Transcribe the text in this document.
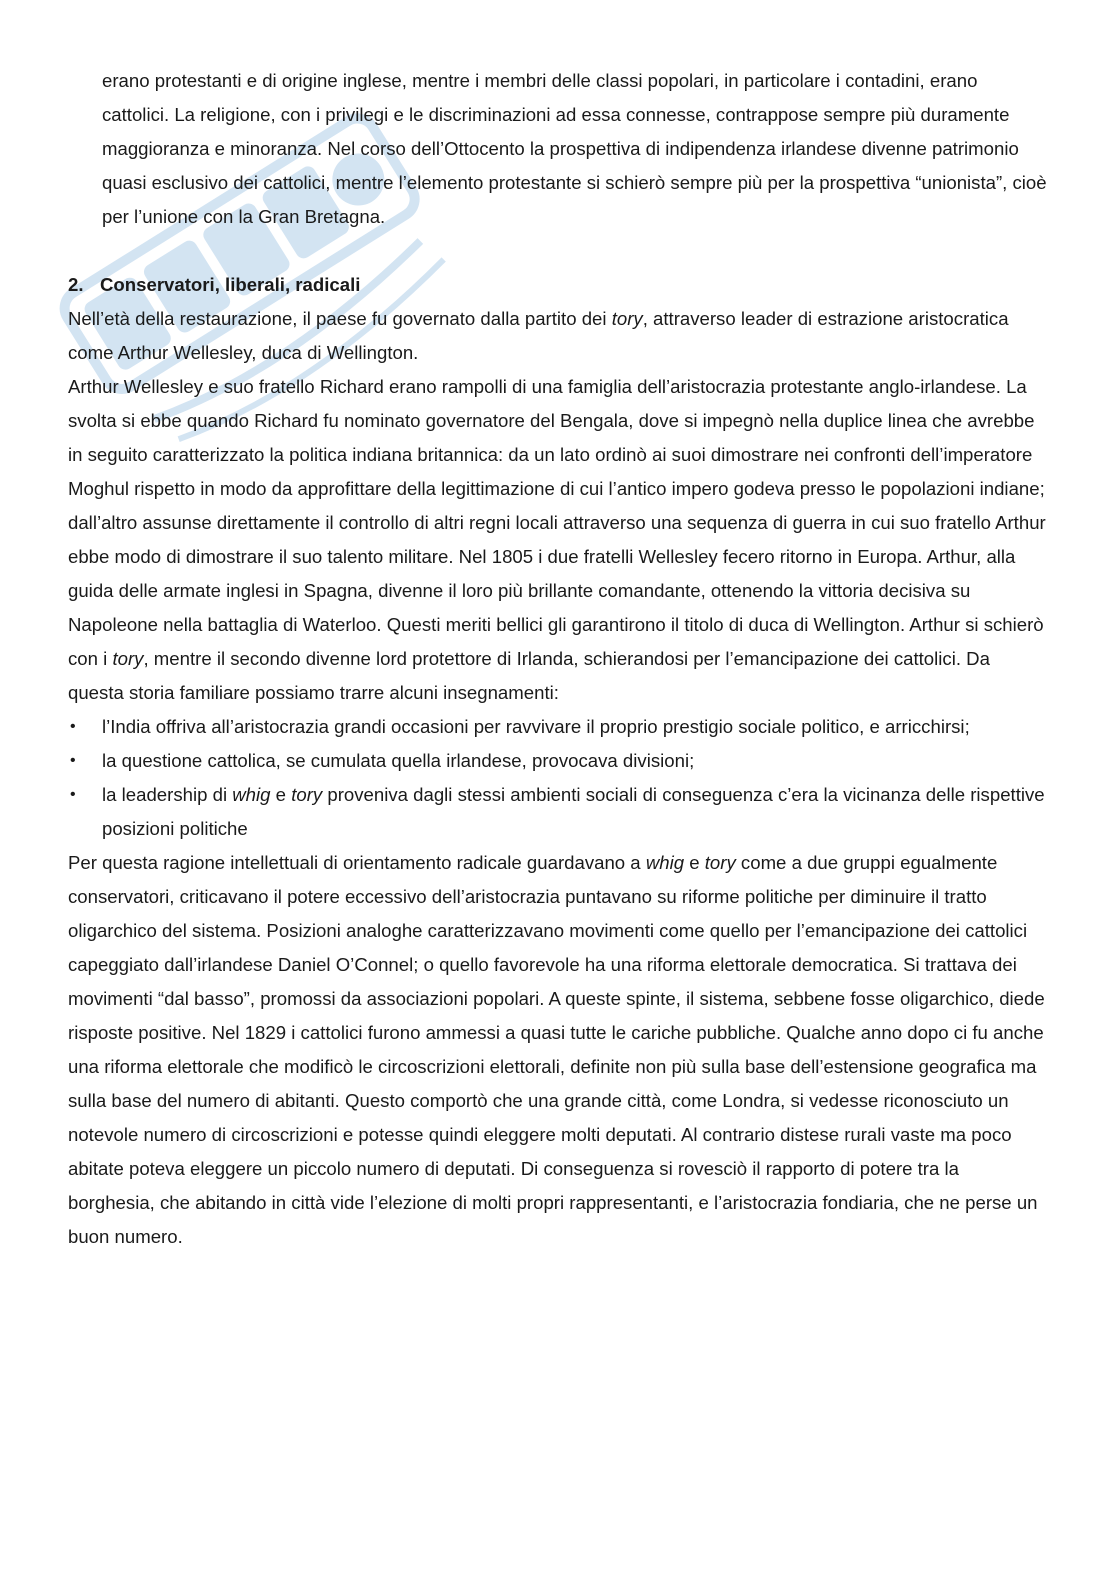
erano protestanti e di origine inglese, mentre i membri delle classi popolari, in particolare i contadini, erano cattolici. La religione, con i privilegi e le discriminazioni ad essa connesse, contrappose sempre più duramente maggioranza e minoranza. Nel corso dell’Ottocento la prospettiva di indipendenza irlandese divenne patrimonio quasi esclusivo dei cattolici, mentre l’elemento protestante si schierò sempre più per la prospettiva “unionista”, cioè per l’unione con la Gran Bretagna.

2. Conservatori, liberali, radicali

Nell’età della restaurazione, il paese fu governato dalla partito dei tory, attraverso leader di estrazione aristocratica come Arthur Wellesley, duca di Wellington.

Arthur Wellesley e suo fratello Richard erano rampolli di una famiglia dell’aristocrazia protestante anglo-irlandese. La svolta si ebbe quando Richard fu nominato governatore del Bengala, dove si impegnò nella duplice linea che avrebbe in seguito caratterizzato la politica indiana britannica: da un lato ordinò ai suoi dimostrare nei confronti dell’imperatore Moghul rispetto in modo da approfittare della legittimazione di cui l’antico impero godeva presso le popolazioni indiane; dall’altro assunse direttamente il controllo di altri regni locali attraverso una sequenza di guerra in cui suo fratello Arthur ebbe modo di dimostrare il suo talento militare. Nel 1805 i due fratelli Wellesley fecero ritorno in Europa. Arthur, alla guida delle armate inglesi in Spagna, divenne il loro più brillante comandante, ottenendo la vittoria decisiva su Napoleone nella battaglia di Waterloo. Questi meriti bellici gli garantirono il titolo di duca di Wellington. Arthur si schierò con i tory, mentre il secondo divenne lord protettore di Irlanda, schierandosi per l’emancipazione dei cattolici. Da questa storia familiare possiamo trarre alcuni insegnamenti:

• l’India offriva all’aristocrazia grandi occasioni per ravvivare il proprio prestigio sociale politico, e arricchirsi;
• la questione cattolica, se cumulata quella irlandese, provocava divisioni;
• la leadership di whig e tory proveniva dagli stessi ambienti sociali di conseguenza c’era la vicinanza delle rispettive posizioni politiche

Per questa ragione intellettuali di orientamento radicale guardavano a whig e tory come a due gruppi egualmente conservatori, criticavano il potere eccessivo dell’aristocrazia puntavano su riforme politiche per diminuire il tratto oligarchico del sistema. Posizioni analoghe caratterizzavano movimenti come quello per l’emancipazione dei cattolici capeggiato dall’irlandese Daniel O’Connel; o quello favorevole ha una riforma elettorale democratica. Si trattava dei movimenti “dal basso”, promossi da associazioni popolari. A queste spinte, il sistema, sebbene fosse oligarchico, diede risposte positive. Nel 1829 i cattolici furono ammessi a quasi tutte le cariche pubbliche. Qualche anno dopo ci fu anche una riforma elettorale che modificò le circoscrizioni elettorali, definite non più sulla base dell’estensione geografica ma sulla base del numero di abitanti. Questo comportò che una grande città, come Londra, si vedesse riconosciuto un notevole numero di circoscrizioni e potesse quindi eleggere molti deputati. Al contrario distese rurali vaste ma poco abitate poteva eleggere un piccolo numero di deputati. Di conseguenza si rovesciò il rapporto di potere tra la borghesia, che abitando in città vide l’elezione di molti propri rappresentanti, e l’aristocrazia fondiaria, che ne perse un buon numero.
